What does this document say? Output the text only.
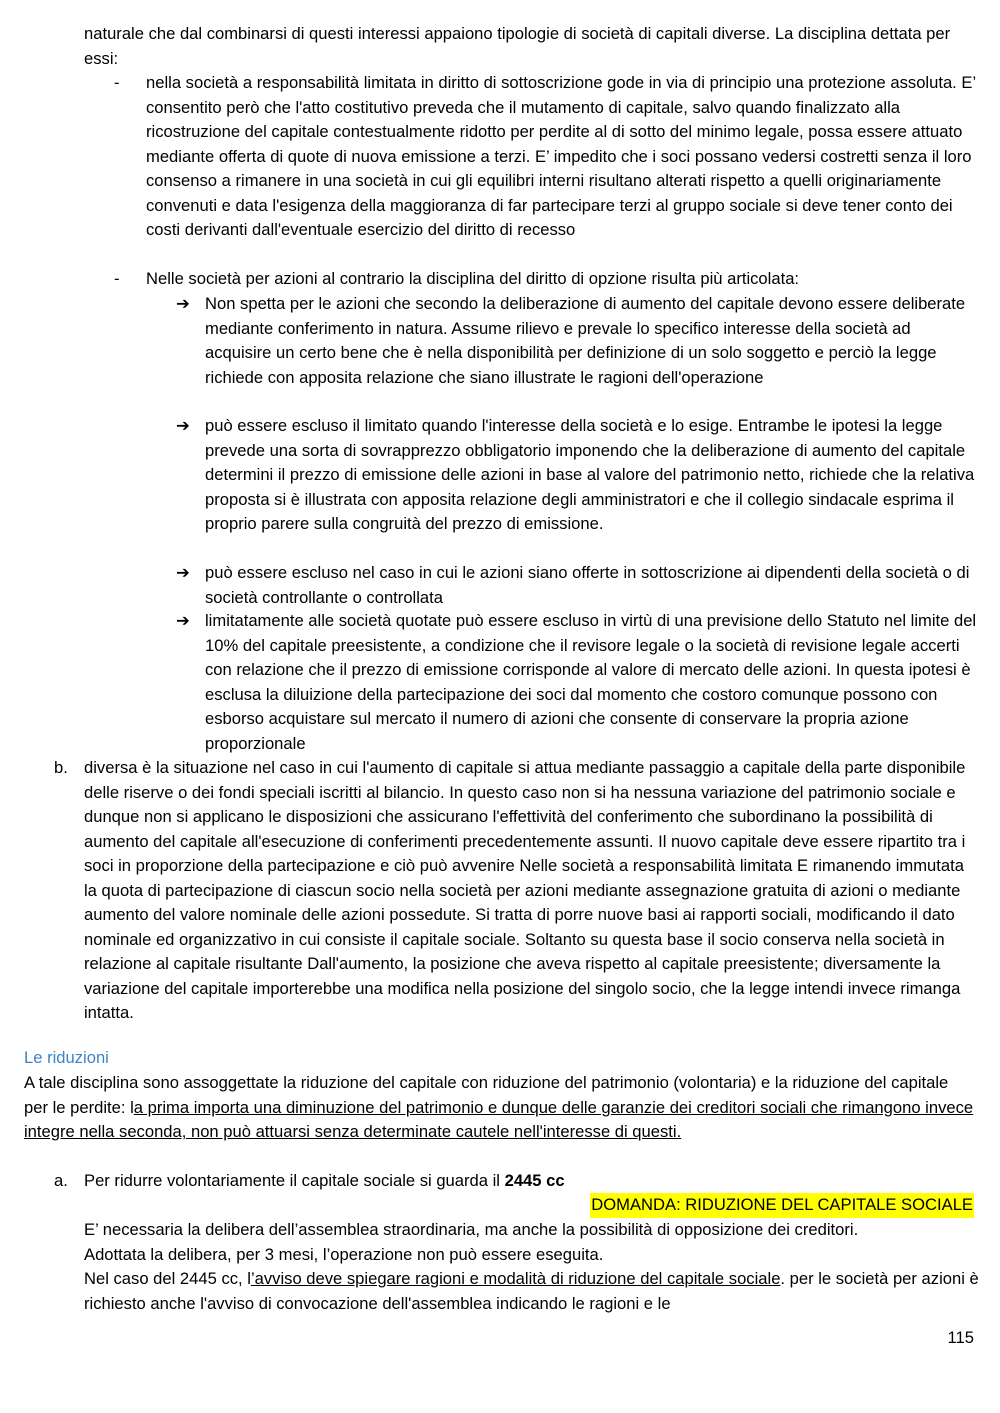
naturale che dal combinarsi di questi interessi appaiono tipologie di società di capitali diverse. La disciplina dettata per essi:

-	nella società a responsabilità limitata in diritto di sottoscrizione gode in via di principio una protezione assoluta. E’ consentito però che l'atto costitutivo preveda che il mutamento di capitale, salvo quando finalizzato alla ricostruzione del capitale contestualmente ridotto per perdite al di sotto del minimo legale, possa essere attuato mediante offerta di quote di nuova emissione a terzi. E’ impedito che i soci possano vedersi costretti senza il loro consenso a rimanere in una società in cui gli equilibri interni risultano alterati rispetto a quelli originariamente convenuti e data l'esigenza della maggioranza di far partecipare terzi al gruppo sociale si deve tener conto dei costi derivanti dall'eventuale esercizio del diritto di recesso

-	Nelle società per azioni al contrario la disciplina del diritto di opzione risulta più articolata:

➔ Non spetta per le azioni che secondo la deliberazione di aumento del capitale devono essere deliberate mediante conferimento in natura. Assume rilievo e prevale lo specifico interesse della società ad acquisire un certo bene che è nella disponibilità per definizione di un solo soggetto e perciò la legge richiede con apposita relazione che siano illustrate le ragioni dell'operazione

➔ può essere escluso il limitato quando l'interesse della società e lo esige. Entrambe le ipotesi la legge prevede una sorta di sovrapprezzo obbligatorio imponendo che la deliberazione di aumento del capitale determini il prezzo di emissione delle azioni in base al valore del patrimonio netto, richiede che la relativa proposta si è illustrata con apposita relazione degli amministratori e che il collegio sindacale esprima il proprio parere sulla congruità del prezzo di emissione.

➔ può essere escluso nel caso in cui le azioni siano offerte in sottoscrizione ai dipendenti della società o di società controllante o controllata

➔ limitatamente alle società quotate può essere escluso in virtù di una previsione dello Statuto nel limite del 10% del capitale preesistente, a condizione che il revisore legale o la società di revisione legale accerti con relazione che il prezzo di emissione corrisponde al valore di mercato delle azioni. In questa ipotesi è esclusa la diluizione della partecipazione dei soci dal momento che costoro comunque possono con esborso acquistare sul mercato il numero di azioni che consente di conservare la propria azione proporzionale

b. diversa è la situazione nel caso in cui l'aumento di capitale si attua mediante passaggio a capitale della parte disponibile delle riserve o dei fondi speciali iscritti al bilancio. In questo caso non si ha nessuna variazione del patrimonio sociale e dunque non si applicano le disposizioni che assicurano l'effettività del conferimento che subordinano la possibilità di aumento del capitale all'esecuzione di conferimenti precedentemente assunti. Il nuovo capitale deve essere ripartito tra i soci in proporzione della partecipazione e ciò può avvenire Nelle società a responsabilità limitata E rimanendo immutata la quota di partecipazione di ciascun socio nella società per azioni mediante assegnazione gratuita di azioni o mediante aumento del valore nominale delle azioni possedute. Si tratta di porre nuove basi ai rapporti sociali, modificando il dato nominale ed organizzativo in cui consiste il capitale sociale. Soltanto su questa base il socio conserva nella società in relazione al capitale risultante Dall'aumento, la posizione che aveva rispetto al capitale preesistente; diversamente la variazione del capitale importerebbe una modifica nella posizione del singolo socio, che la legge intendi invece rimanga intatta.

Le riduzioni

A tale disciplina sono assoggettate la riduzione del capitale con riduzione del patrimonio (volontaria) e la riduzione del capitale per le perdite: la prima importa una diminuzione del patrimonio e dunque delle garanzie dei creditori sociali che rimangono invece integre nella seconda, non può attuarsi senza determinate cautele nell'interesse di questi.

a. Per ridurre volontariamente il capitale sociale si guarda il 2445 cc

DOMANDA: RIDUZIONE DEL CAPITALE SOCIALE

E’ necessaria la delibera dell’assemblea straordinaria, ma anche la possibilità di opposizione dei creditori.

Adottata la delibera, per 3 mesi, l’operazione non può essere eseguita.

Nel caso del 2445 cc, l’avviso deve spiegare ragioni e modalità di riduzione del capitale sociale. per le società per azioni è richiesto anche l'avviso di convocazione dell'assemblea indicando le ragioni e le

115
